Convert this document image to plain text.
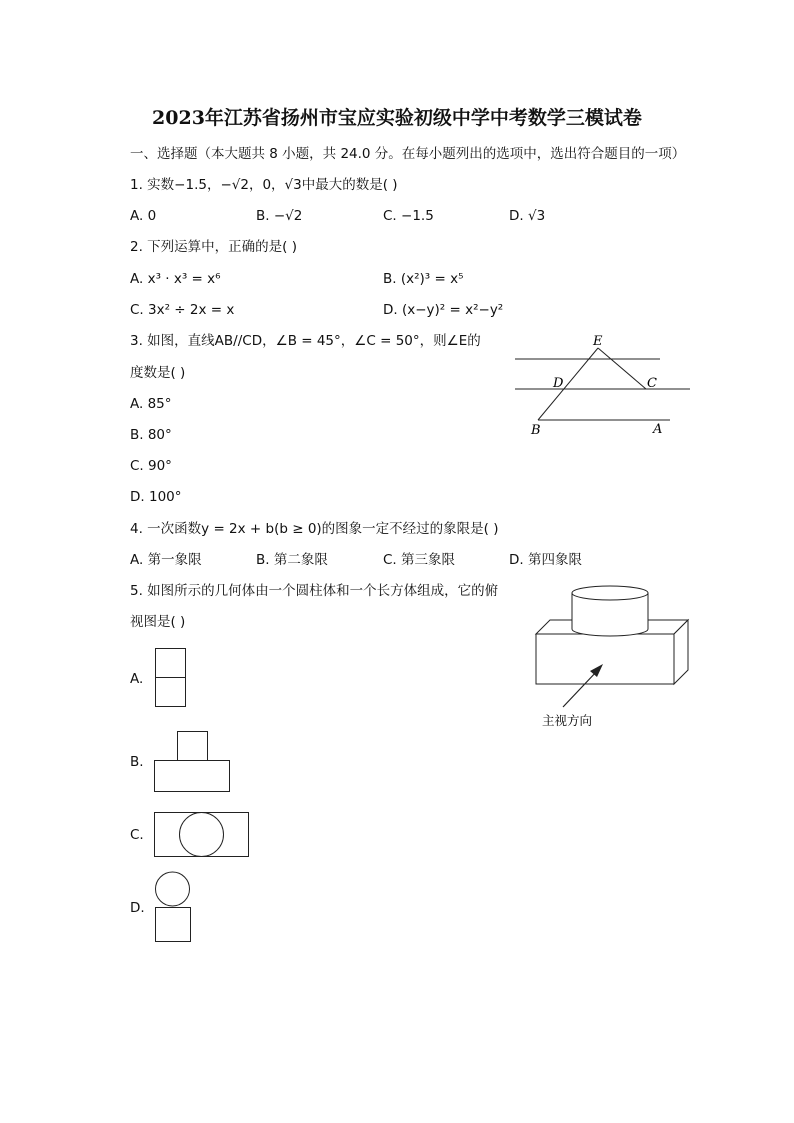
2023年江苏省扬州市宝应实验初级中学中考数学三模试卷
一、选择题（本大题共 8 小题，共 24.0 分。在每小题列出的选项中，选出符合题目的一项）
1. 实数−1.5，−√2，0，√3中最大的数是( )
A. 0	B. −√2	C. −1.5	D. √3
2. 下列运算中，正确的是( )
A. x³ · x³ = x⁶	B. (x²)³ = x⁵
C. 3x² ÷ 2x = x	D. (x−y)² = x²−y²
3. 如图，直线AB//CD，∠B = 45°，∠C = 50°，则∠E的
度数是( )
A. 85°
B. 80°
C. 90°
D. 100°
E
D	C
B	A
4. 一次函数y = 2x + b(b ≥ 0)的图象一定不经过的象限是( )
A. 第一象限	B. 第二象限	C. 第三象限	D. 第四象限
5. 如图所示的几何体由一个圆柱体和一个长方体组成，它的俯
视图是( )
主视方向
A.
B.
C.
D.
